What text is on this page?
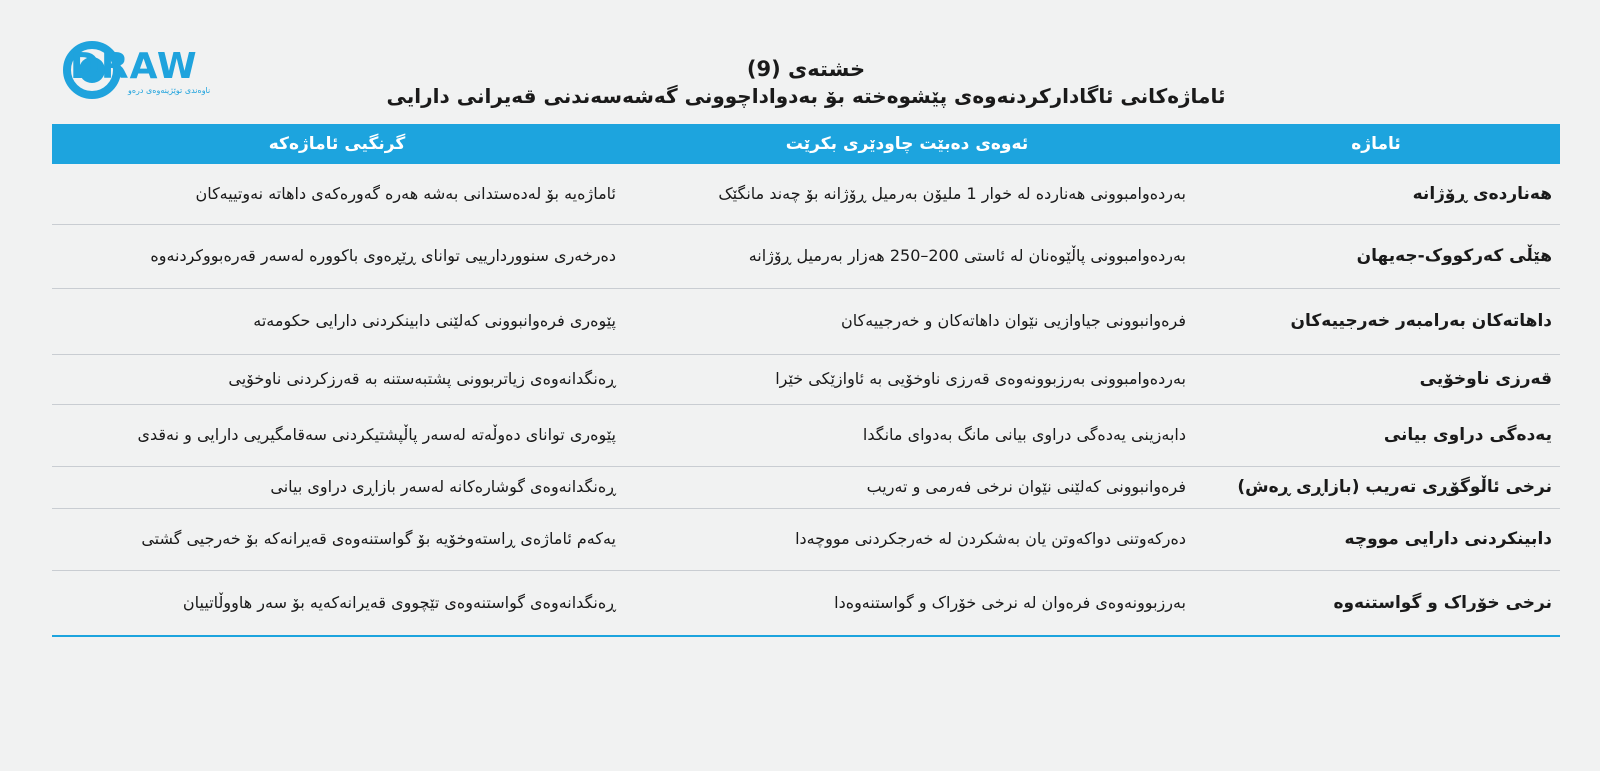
DRAW
ناوەندی توێژینەوەی درەو
خشتەی (9)
ئاماژەکانی ئاگادارکردنەوەی پێشوەختە بۆ بەدواداچوونی گەشەسەندنی قەیرانی دارایی
ئاماژە	ئەوەی دەبێت چاودێری بکرێت	گرنگیی ئاماژەکە
هەناردەی ڕۆژانە	بەردەوامبوونی هەنارده لە خوار 1 ملیۆن بەرمیل ڕۆژانە بۆ چەند مانگێک	ئاماژەیە بۆ لەدەستدانی بەشە هەرە گەورەکەی داهاتە نەوتییەکان
هێڵی کەرکووک-جەیهان	بەردەوامبوونی پاڵێوەنان لە ئاستی 200–250 هەزار بەرمیل ڕۆژانە	دەرخەری سنووردارییی توانای ڕێڕەوی باکوورە لەسەر قەرەبووکردنەوە
داهاتەکان بەرامبەر خەرجییەکان	فرەوانبوونی جیاوازیی نێوان داهاتەکان و خەرجییەکان	پێوەری فرەوانبوونی کەلێنی دابینکردنی دارایی حکومەتە
قەرزی ناوخۆیی	بەردەوامبوونی بەرزبوونەوەی قەرزی ناوخۆیی بە ئاوازێکی خێرا	ڕەنگدانەوەی زیاتربوونی پشتبەستنە بە قەرزکردنی ناوخۆیی
یەدەگی دراوی بیانی	دابەزینی یەدەگی دراوی بیانی مانگ بەدوای مانگدا	پێوەری توانای دەوڵەتە لەسەر پاڵپشتیکردنی سەقامگیریی دارایی و نەقدی
نرخی ئاڵوگۆڕی تەریب (بازاڕی ڕەش)	فرەوانبوونی کەلێنی نێوان نرخی فەرمی و تەریب	ڕەنگدانەوەی گوشارەکانە لەسەر بازاڕی دراوی بیانی
دابینکردنی دارایی مووچە	دەرکەوتنی دواکەوتن یان بەشکردن لە خەرجکردنی مووچەدا	یەکەم ئاماژەی ڕاستەوخۆیە بۆ گواستنەوەی قەیرانەکە بۆ خەرجیی گشتی
نرخی خۆراک و گواستنەوە	بەرزبوونەوەی فرەوان لە نرخی خۆراک و گواستنەوەدا	ڕەنگدانەوەی گواستنەوەی تێچووی قەیرانەکەیە بۆ سەر هاووڵاتییان
